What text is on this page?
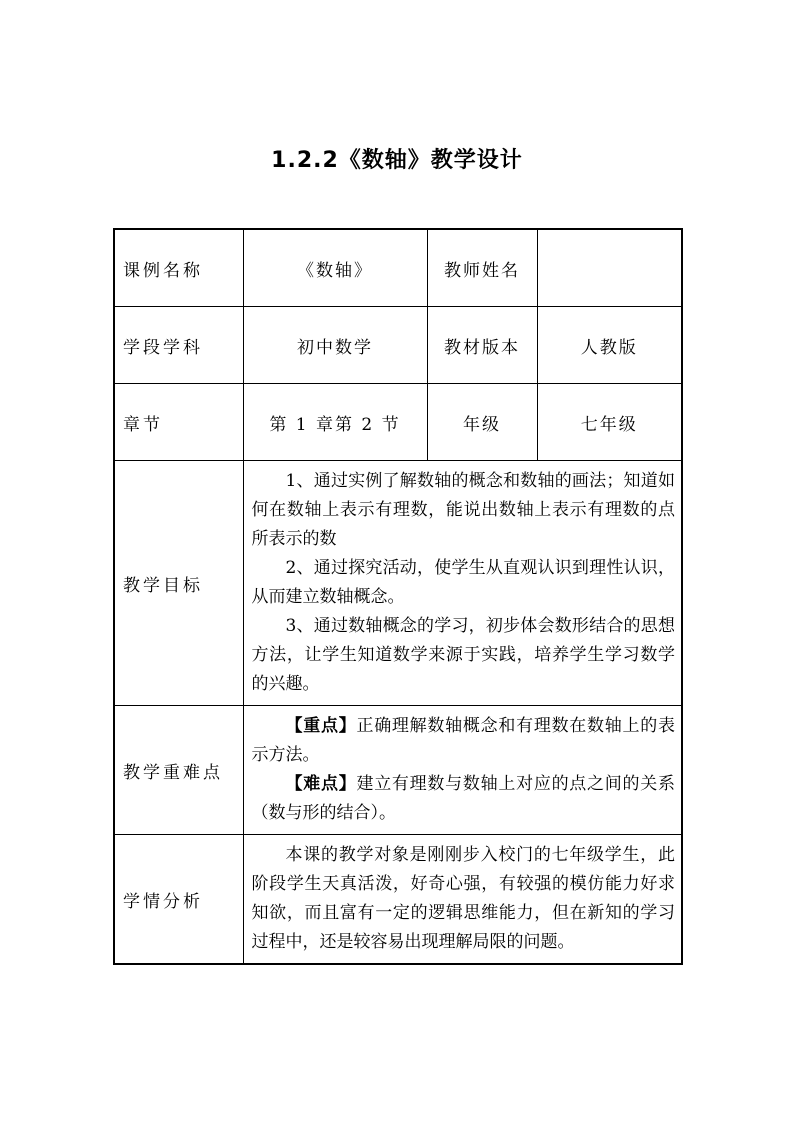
1.2.2《数轴》教学设计
课例名称	《数轴》	教师姓名	
学段学科	初中数学	教材版本	人教版
章节	第 1 章第 2 节	年级	七年级
教学目标	1、通过实例了解数轴的概念和数轴的画法；知道如何在数轴上表示有理数，能说出数轴上表示有理数的点所表示的数

2、通过探究活动，使学生从直观认识到理性认识，从而建立数轴概念。

3、通过数轴概念的学习，初步体会数形结合的思想方法，让学生知道数学来源于实践，培养学生学习数学的兴趣。		

教学重难点	【重点】正确理解数轴概念和有理数在数轴上的表示方法。

【难点】建立有理数与数轴上对应的点之间的关系（数与形的结合）。		

学情分析	本课的教学对象是刚刚步入校门的七年级学生，此阶段学生天真活泼，好奇心强，有较强的模仿能力好求知欲，而且富有一定的逻辑思维能力，但在新知的学习过程中，还是较容易出现理解局限的问题。		
